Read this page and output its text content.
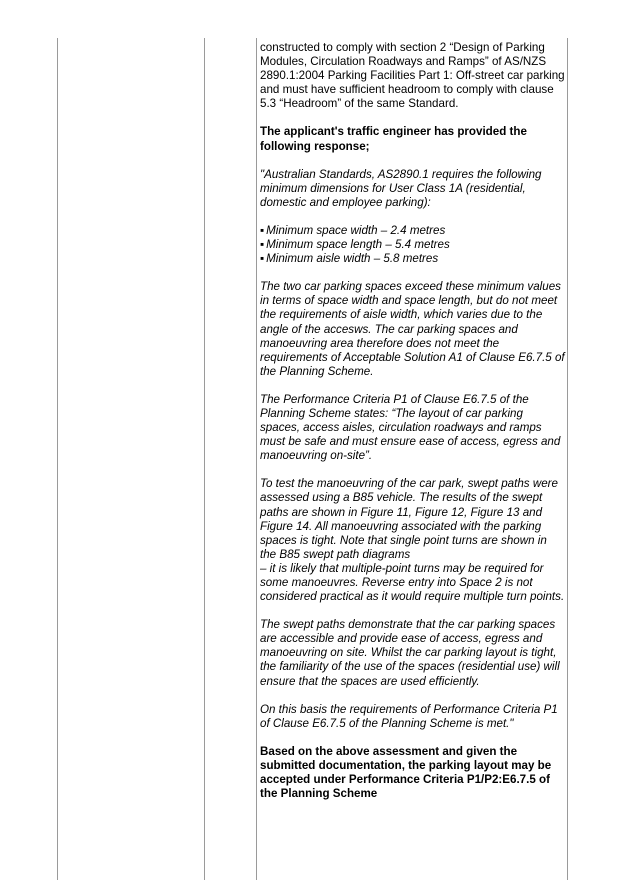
constructed to comply with section 2 “Design of Parking Modules, Circulation Roadways and Ramps” of AS/NZS 2890.1:2004 Parking Facilities Part 1: Off-street car parking and must have sufficient headroom to comply with clause 5.3 “Headroom” of the same Standard.

The applicant's traffic engineer has provided the following response;

"Australian Standards, AS2890.1 requires the following minimum dimensions for User Class 1A (residential, domestic and employee parking):

▪ Minimum space width – 2.4 metres
▪ Minimum space length – 5.4 metres
▪ Minimum aisle width – 5.8 metres

The two car parking spaces exceed these minimum values in terms of space width and space length, but do not meet the requirements of aisle width, which varies due to the angle of the accesws. The car parking spaces and manoeuvring area therefore does not meet the requirements of Acceptable Solution A1 of Clause E6.7.5 of the Planning Scheme.

The Performance Criteria P1 of Clause E6.7.5 of the Planning Scheme states: “The layout of car parking spaces, access aisles, circulation roadways and ramps must be safe and must ensure ease of access, egress and manoeuvring on-site”.

To test the manoeuvring of the car park, swept paths were assessed using a B85 vehicle. The results of the swept paths are shown in Figure 11, Figure 12, Figure 13 and Figure 14. All manoeuvring associated with the parking spaces is tight. Note that single point turns are shown in the B85 swept path diagrams

– it is likely that multiple-point turns may be required for some manoeuvres. Reverse entry into Space 2 is not considered practical as it would require multiple turn points.

The swept paths demonstrate that the car parking spaces are accessible and provide ease of access, egress and manoeuvring on site. Whilst the car parking layout is tight, the familiarity of the use of the spaces (residential use) will ensure that the spaces are used efficiently.

On this basis the requirements of Performance Criteria P1 of Clause E6.7.5 of the Planning Scheme is met."

Based on the above assessment and given the submitted documentation, the parking layout may be accepted under Performance Criteria P1/P2:E6.7.5 of the Planning Scheme
